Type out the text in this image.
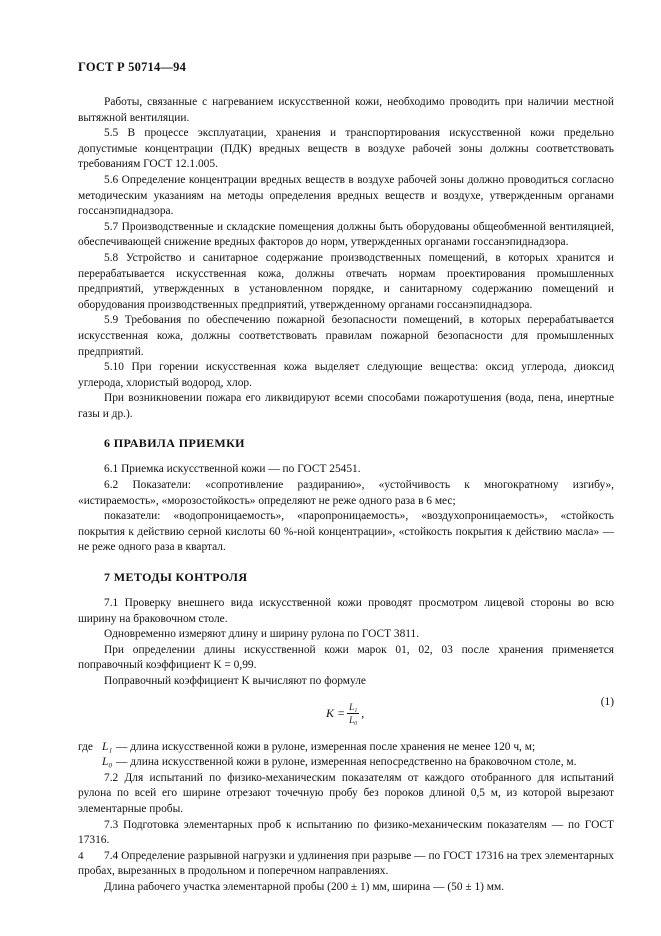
ГОСТ Р 50714—94

Работы, связанные с нагреванием искусственной кожи, необходимо проводить при наличии местной вытяжной вентиляции.

5.5 В процессе эксплуатации, хранения и транспортирования искусственной кожи предельно допустимые концентрации (ПДК) вредных веществ в воздухе рабочей зоны должны соответствовать требованиям ГОСТ 12.1.005.

5.6 Определение концентрации вредных веществ в воздухе рабочей зоны должно проводиться согласно методическим указаниям на методы определения вредных веществ и воздухе, утвержденным органами госсанэпиднадзора.

5.7 Производственные и складские помещения должны быть оборудованы общеобменной вентиляцией, обеспечивающей снижение вредных факторов до норм, утвержденных органами госсанэпиднадзора.

5.8 Устройство и санитарное содержание производственных помещений, в которых хранится и перерабатывается искусственная кожа, должны отвечать нормам проектирования промышленных предприятий, утвержденных в установленном порядке, и санитарному содержанию помещений и оборудования производственных предприятий, утвержденному органами госсанэпиднадзора.

5.9 Требования по обеспечению пожарной безопасности помещений, в которых перерабатывается искусственная кожа, должны соответствовать правилам пожарной безопасности для промышленных предприятий.

5.10 При горении искусственная кожа выделяет следующие вещества: оксид углерода, диоксид углерода, хлористый водород, хлор.

При возникновении пожара его ликвидируют всеми способами пожаротушения (вода, пена, инертные газы и др.).

6 ПРАВИЛА ПРИЕМКИ

6.1 Приемка искусственной кожи — по ГОСТ 25451.

6.2 Показатели: «сопротивление раздиранию», «устойчивость к многократному изгибу», «истираемость», «морозостойкость» определяют не реже одного раза в 6 мес;

показатели: «водопроницаемость», «паропроницаемость», «воздухопроницаемость», «стойкость покрытия к действию серной кислоты 60 %-ной концентрации», «стойкость покрытия к действию масла» — не реже одного раза в квартал.

7 МЕТОДЫ КОНТРОЛЯ

7.1 Проверку внешнего вида искусственной кожи проводят просмотром лицевой стороны во всю ширину на браковочном столе.

Одновременно измеряют длину и ширину рулона по ГОСТ 3811.

При определении длины искусственной кожи марок 01, 02, 03 после хранения применяется поправочный коэффициент K = 0,99.

Поправочный коэффициент K вычисляют по формуле

$K = \frac{\text{L₁}}{\text{L₀}}$ ,
(1)
где L₁ — длина искусственной кожи в рулоне, измеренная после хранения не менее 120 ч, м;
L₀ — длина искусственной кожи в рулоне, измеренная непосредственно на браковочном столе, м.

7.2 Для испытаний по физико-механическим показателям от каждого отобранного для испытаний рулона по всей его ширине отрезают точечную пробу без пороков длиной 0,5 м, из которой вырезают элементарные пробы.

7.3 Подготовка элементарных проб к испытанию по физико-механическим показателям — по ГОСТ 17316.

7.4 Определение разрывной нагрузки и удлинения при разрыве — по ГОСТ 17316 на трех элементарных пробах, вырезанных в продольном и поперечном направлениях.

Длина рабочего участка элементарной пробы (200 ± 1) мм, ширина — (50 ± 1) мм.

4
